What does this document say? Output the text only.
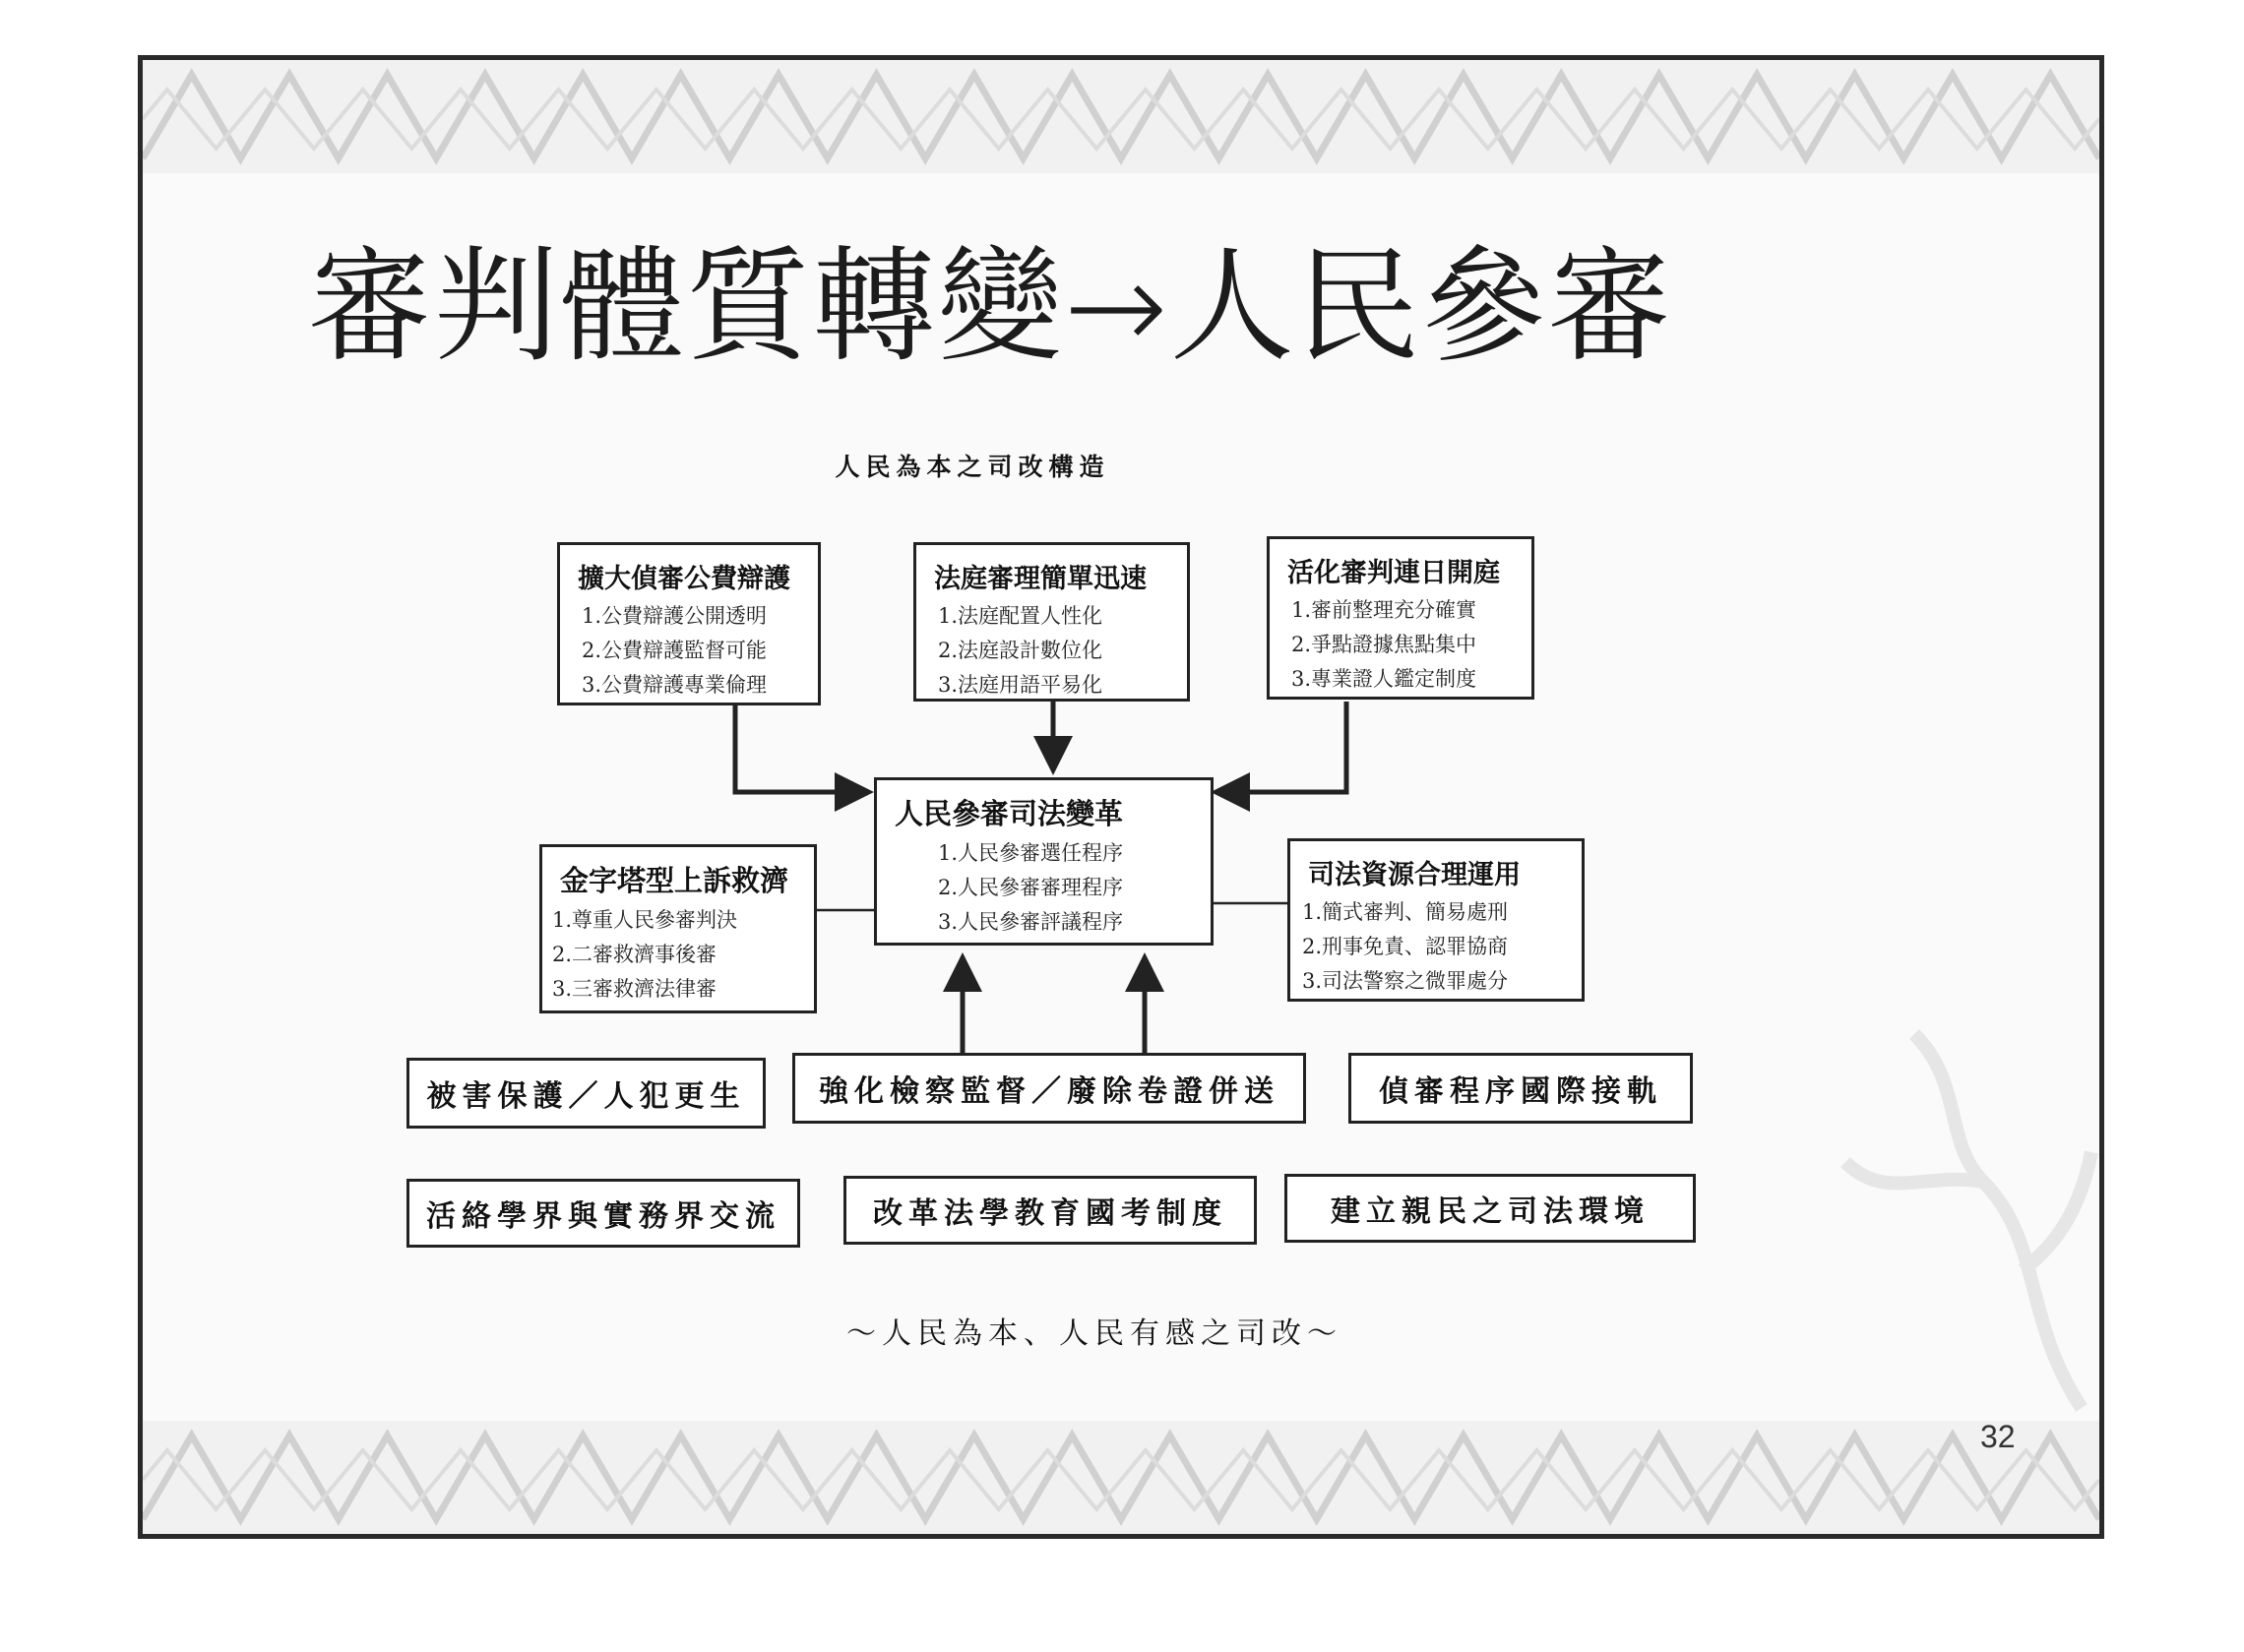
審判體質轉變→人民參審
人民為本之司改構造
擴大偵審公費辯護
1.公費辯護公開透明
2.公費辯護監督可能
3.公費辯護專業倫理
法庭審理簡單迅速
1.法庭配置人性化
2.法庭設計數位化
3.法庭用語平易化
活化審判連日開庭
1.審前整理充分確實
2.爭點證據焦點集中
3.專業證人鑑定制度
人民參審司法變革
1.人民參審選任程序
2.人民參審審理程序
3.人民參審評議程序
金字塔型上訴救濟
1.尊重人民參審判決
2.二審救濟事後審
3.三審救濟法律審
司法資源合理運用
1.簡式審判、簡易處刑
2.刑事免責、認罪協商
3.司法警察之微罪處分
被害保護／人犯更生	強化檢察監督／廢除卷證併送	偵審程序國際接軌
活絡學界與實務界交流	改革法學教育國考制度	建立親民之司法環境
～人民為本、人民有感之司改～
32
